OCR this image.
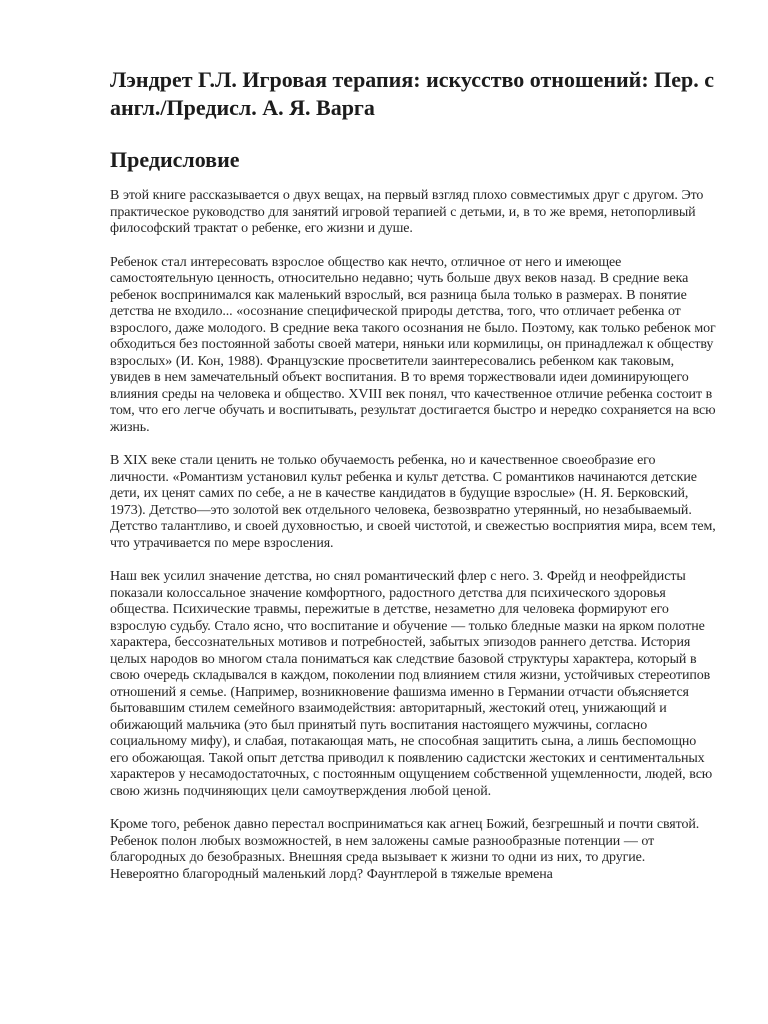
Лэндрет Г.Л. Игровая терапия: искусство отношений: Пер. с англ./Предисл. А. Я. Варга
Предисловие

В этой книге рассказывается о двух вещах, на первый взгляд плохо совместимых друг с другом. Это практическое руководство для занятий игровой терапией с детьми, и, в то же время, нетопорливый философский трактат о ребенке, его жизни и душе.

Ребенок стал интересовать взрослое общество как нечто, отличное от него и имеющее самостоятельную ценность, относительно недавно; чуть больше двух веков назад. В средние века ребенок воспринимался как маленький взрослый, вся разница была только в размерах. В понятие детства не входило... «осознание специфической природы детства, того, что отличает ребенка от взрослого, даже молодого. В средние века такого осознания не было. Поэтому, как только ребенок мог обходиться без постоянной заботы своей матери, няньки или кормилицы, он принадлежал к обществу взрослых» (И. Кон, 1988). Французские просветители заинтересовались ребенком как таковым, увидев в нем замечательный объект воспитания. В то время торжествовали идеи доминирующего влияния среды на человека и общество. XVIII век понял, что качественное отличие ребенка состоит в том, что его легче обучать и воспитывать, результат достигается быстро и нередко сохраняется на всю жизнь.

В XIX веке стали ценить не только обучаемость ребенка, но и качественное своеобразие его личности. «Романтизм установил культ ребенка и культ детства. С романтиков начинаются детские дети, их ценят самих по себе, а не в качестве кандидатов в будущие взрослые» (Н. Я. Берковский, 1973). Детство—это золотой век отдельного человека, безвозвратно утерянный, но незабываемый. Детство талантливо, и своей духовностью, и своей чистотой, и свежестью восприятия мира, всем тем, что утрачивается по мере взросления.

Наш век усилил значение детства, но снял романтический флер с него. 3. Фрейд и неофрейдисты показали колоссальное значение комфортного, радостного детства для психического здоровья общества. Психические травмы, пережитые в детстве, незаметно для человека формируют его взрослую судьбу. Стало ясно, что воспитание и обучение — только бледные мазки на ярком полотне характера, бессознательных мотивов и потребностей, забытых эпизодов раннего детства. История целых народов во многом стала пониматься как следствие базовой структуры характера, который в свою очередь складывался в каждом, поколении под влиянием стиля жизни, устойчивых стереотипов отношений я семье. (Например, возникновение фашизма именно в Германии отчасти объясняется бытовавшим стилем семейного взаимодействия: авторитарный, жестокий отец, унижающий и обижающий мальчика (это был принятый путь воспитания настоящего мужчины, согласно социальному мифу), и слабая, потакающая мать, не способная защитить сына, а лишь беспомощно его обожающая. Такой опыт детства приводил к появлению садистски жестоких и сентиментальных характеров у несамодостаточных, с постоянным ощущением собственной ущемленности, людей, всю свою жизнь подчиняющих цели самоутверждения любой ценой.

Кроме того, ребенок давно перестал восприниматься как агнец Божий, безгрешный и почти святой. Ребенок полон любых возможностей, в нем заложены самые разнообразные потенции — от благородных до безобразных. Внешняя среда вызывает к жизни то одни из них, то другие. Невероятно благородный маленький лорд? Фаунтлерой в тяжелые времена
